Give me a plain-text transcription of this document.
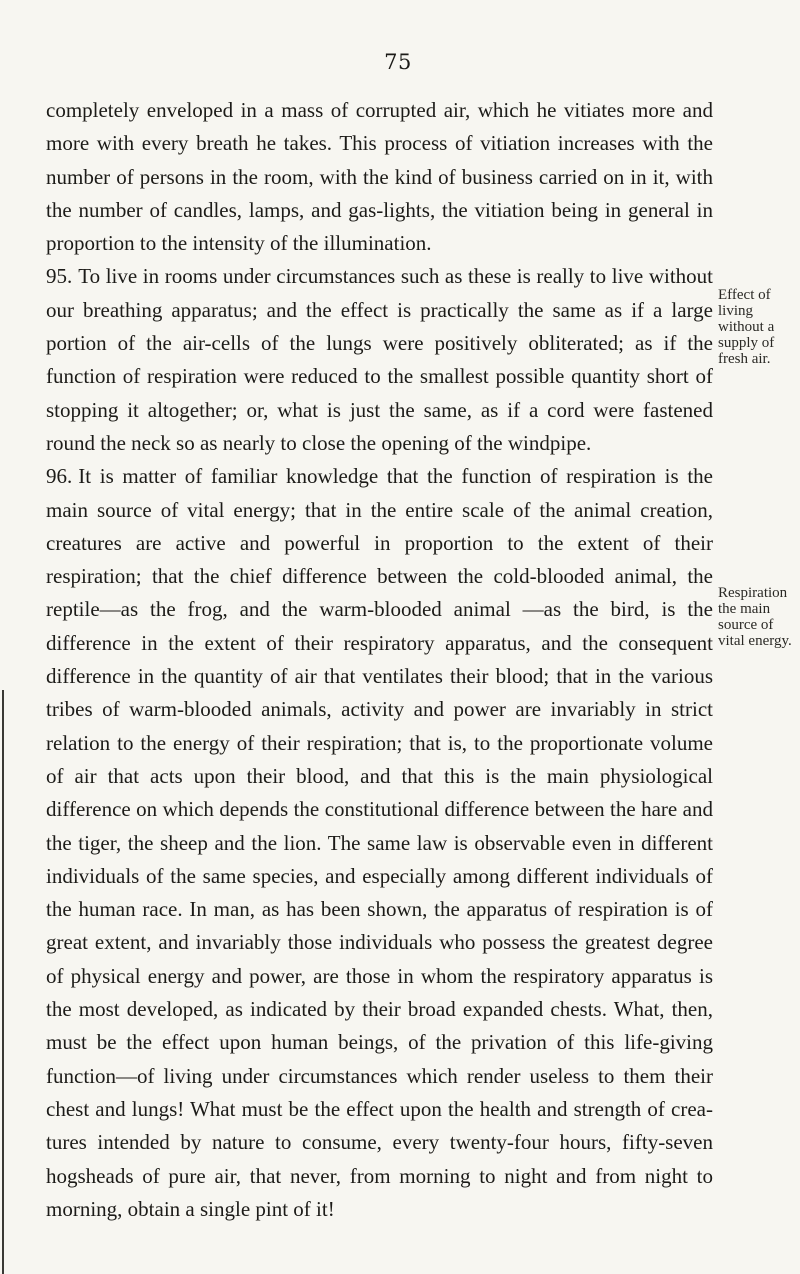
75

completely enveloped in a mass of corrupted air, which he vitiates more and more with every breath he takes. This process of vitiation increases with the number of persons in the room, with the kind of business carried on in it, with the number of candles, lamps, and gas-lights, the vitiation being in general in proportion to the intensity of the illumination.

95. To live in rooms under circumstances such as these is really to live without our breathing apparatus; and the effect is practically the same as if a large portion of the air-cells of the lungs were positively obliterated; as if the function of respiration were reduced to the smallest possible quantity short of stopping it altogether; or, what is just the same, as if a cord were fastened round the neck so as nearly to close the opening of the windpipe.

96. It is matter of familiar knowledge that the function of respiration is the main source of vital energy; that in the entire scale of the animal creation, creatures are active and powerful in proportion to the extent of their respiration; that the chief difference between the cold-blooded animal, the reptile—as the frog, and the warm-blooded animal —as the bird, is the difference in the extent of their respiratory apparatus, and the consequent difference in the quantity of air that ventilates their blood; that in the various tribes of warm-blooded animals, activity and power are invariably in strict relation to the energy of their respiration; that is, to the proportionate volume of air that acts upon their blood, and that this is the main physiological difference on which depends the constitutional difference between the hare and the tiger, the sheep and the lion. The same law is observable even in different individuals of the same species, and especially among different individuals of the human race. In man, as has been shown, the apparatus of respiration is of great extent, and invariably those individuals who possess the greatest degree of physical energy and power, are those in whom the respiratory apparatus is the most developed, as indicated by their broad expanded chests. What, then, must be the effect upon human beings, of the privation of this life-giving function—of living under circumstances which render useless to them their chest and lungs! What must be the effect upon the health and strength of creatures intended by nature to consume, every twenty-four hours, fifty-seven hogsheads of pure air, that never, from morning to night and from night to morning, obtain a single pint of it!

Effect of living without a supply of fresh air.
Respiration the main source of vital energy.
